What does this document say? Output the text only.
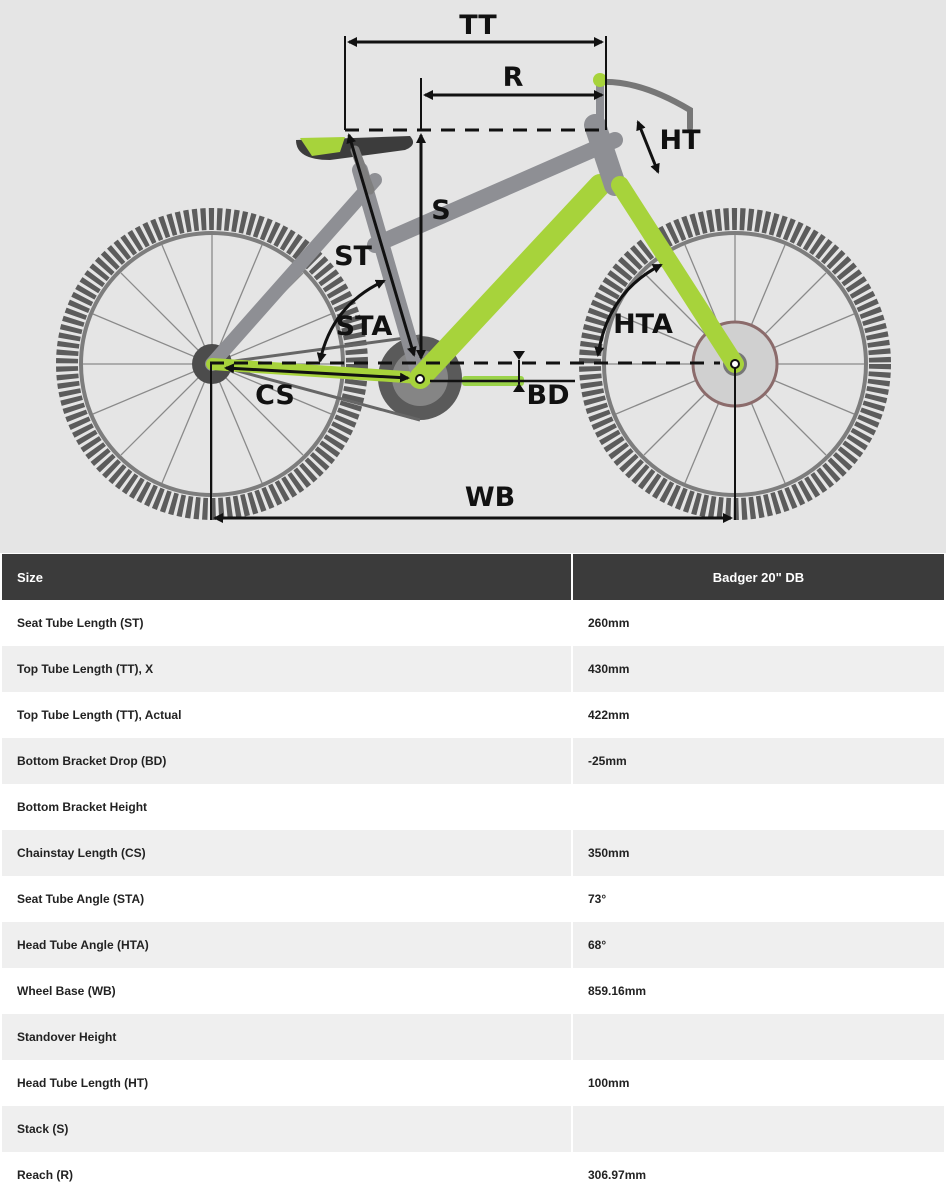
TT
R
HT
S
ST
STA	HTA
CS	BD
WB
Size	Badger 20" DB
Seat Tube Length (ST)	260mm
Top Tube Length (TT), X	430mm
Top Tube Length (TT), Actual	422mm
Bottom Bracket Drop (BD)	-25mm
Bottom Bracket Height	
Chainstay Length (CS)	350mm
Seat Tube Angle (STA)	73°
Head Tube Angle (HTA)	68°
Wheel Base (WB)	859.16mm
Standover Height	
Head Tube Length (HT)	100mm
Stack (S)	
Reach (R)	306.97mm
